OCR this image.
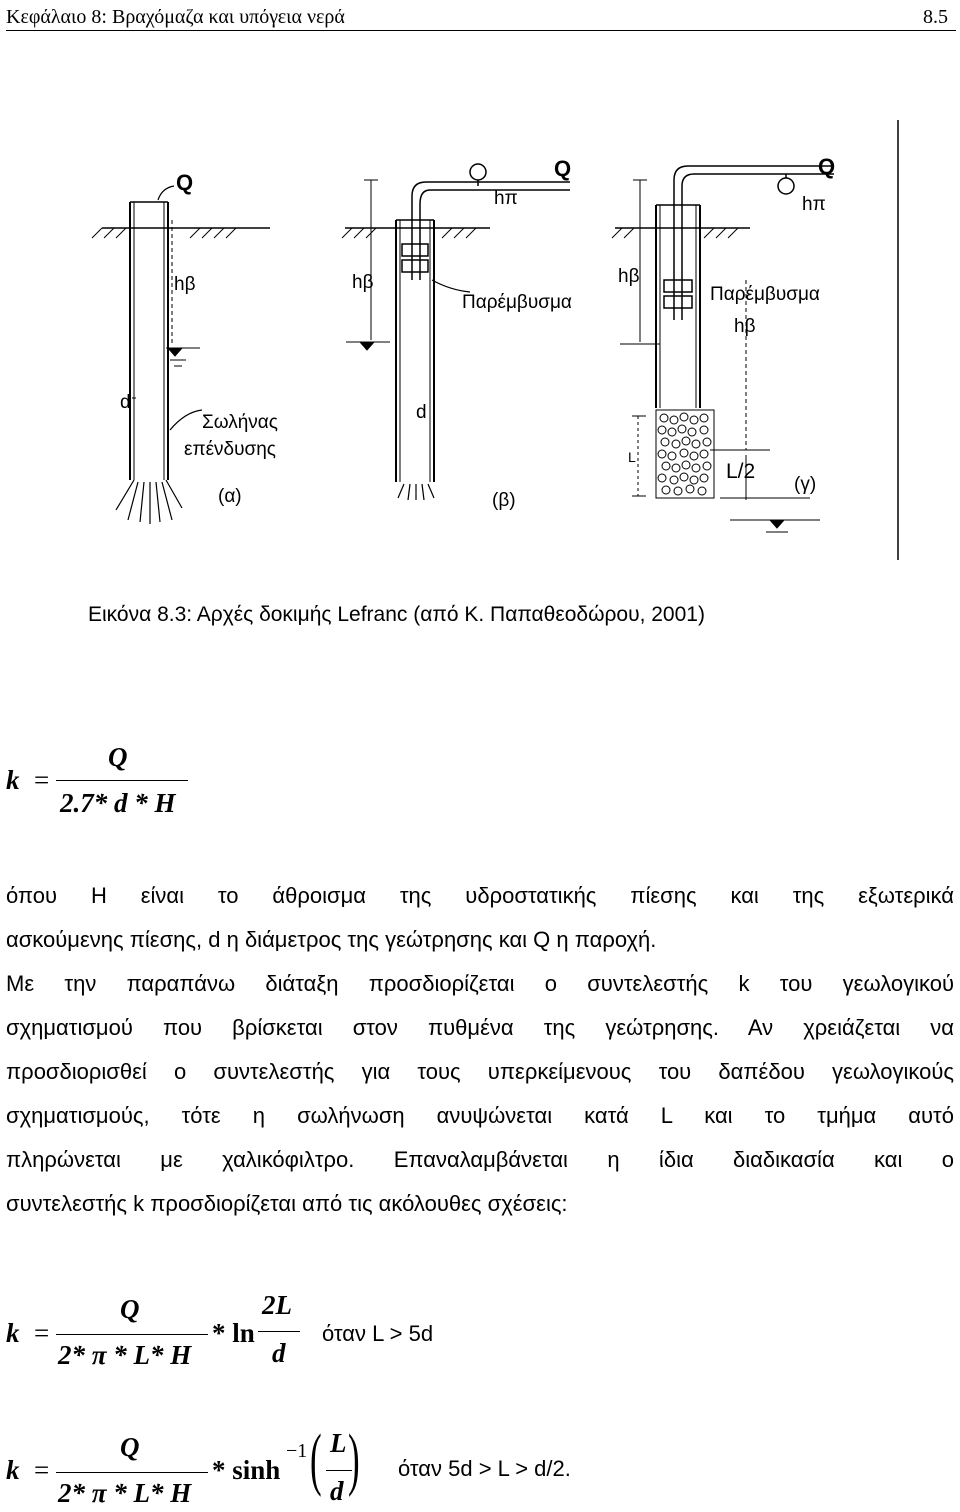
Κεφάλαιο 8: Βραχόμαζα και υπόγεια νερά	8.5
Q
hβ
d
Σωλήνας
επένδυσης
(α)
Q
hπ
hβ
Παρέμβυσμα
d
(β)
Q
hπ
hβ
Παρέμβυσμα
hβ
L
L/2
(γ)
Εικόνα 8.3: Αρχές δοκιμής Lefranc (από Κ. Παπαθεοδώρου, 2001)
k =
Q
2.7* d * H
όπου Η είναι το άθροισμα της υδροστατικής πίεσης και της εξωτερικά
ασκούμενης πίεσης, d η διάμετρος της γεώτρησης και Q η παροχή.
Με την παραπάνω διάταξη προσδιορίζεται ο συντελεστής k του γεωλογικού
σχηματισμού που βρίσκεται στον πυθμένα της γεώτρησης. Αν χρειάζεται να
προσδιορισθεί ο συντελεστής για τους υπερκείμενους του δαπέδου γεωλογικούς
σχηματισμούς, τότε η σωλήνωση ανυψώνεται κατά L και το τμήμα αυτό
πληρώνεται με χαλικόφιλτρο. Επαναλαμβάνεται η ίδια διαδικασία και ο
συντελεστής k προσδιορίζεται από τις ακόλουθες σχέσεις:
k =
Q
2* π * L* H
* ln
2L
d
όταν L > 5d
k =
Q
2* π * L* H
* sinh
−1 ( L
d ) όταν 5d > L > d/2.
